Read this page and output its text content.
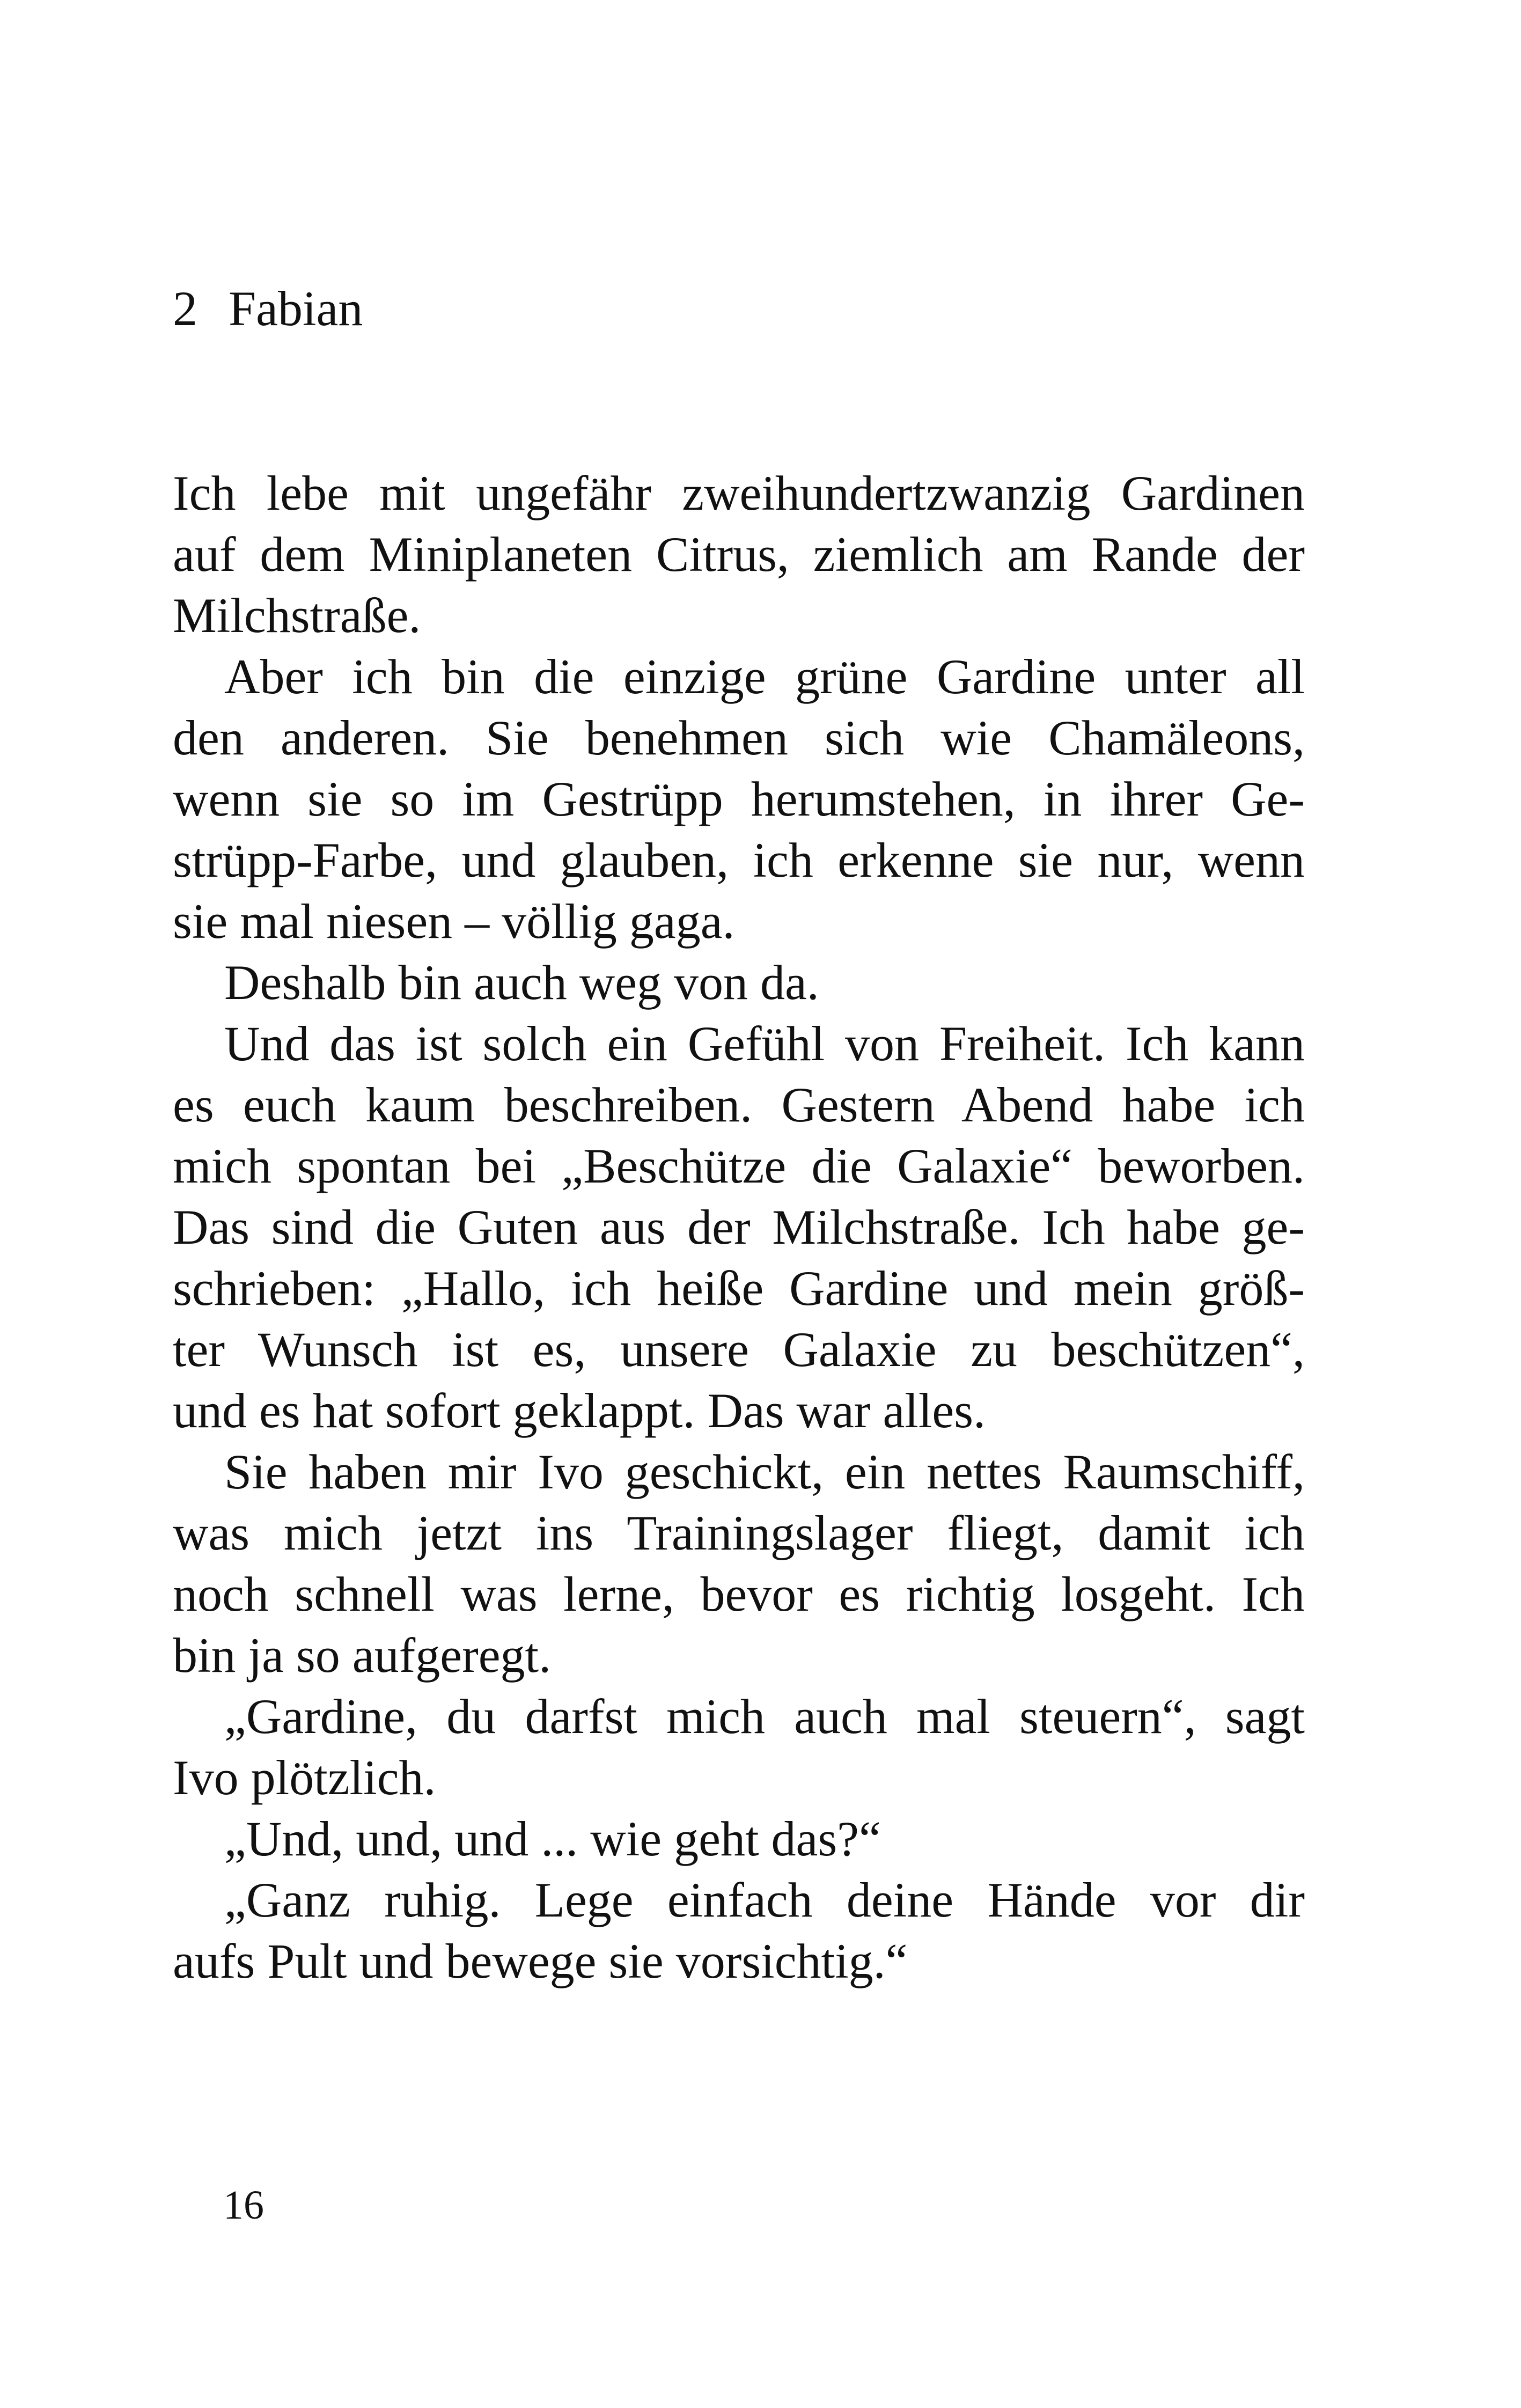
2 Fabian
Ich lebe mit ungefähr zweihundertzwanzig Gardinen
auf dem Miniplaneten Citrus, ziemlich am Rande der
Milchstraße.
Aber ich bin die einzige grüne Gardine unter all
den anderen. Sie benehmen sich wie Chamäleons,
wenn sie so im Gestrüpp herumstehen, in ihrer Ge-
strüpp-Farbe, und glauben, ich erkenne sie nur, wenn
sie mal niesen – völlig gaga.
Deshalb bin auch weg von da.
Und das ist solch ein Gefühl von Freiheit. Ich kann
es euch kaum beschreiben. Gestern Abend habe ich
mich spontan bei „Beschütze die Galaxie“ beworben.
Das sind die Guten aus der Milchstraße. Ich habe ge-
schrieben: „Hallo, ich heiße Gardine und mein größ-
ter Wunsch ist es, unsere Galaxie zu beschützen“,
und es hat sofort geklappt. Das war alles.
Sie haben mir Ivo geschickt, ein nettes Raumschiff,
was mich jetzt ins Trainingslager fliegt, damit ich
noch schnell was lerne, bevor es richtig losgeht. Ich
bin ja so aufgeregt.
„Gardine, du darfst mich auch mal steuern“, sagt
Ivo plötzlich.
„Und, und, und ... wie geht das?“
„Ganz ruhig. Lege einfach deine Hände vor dir
aufs Pult und bewege sie vorsichtig.“
16
